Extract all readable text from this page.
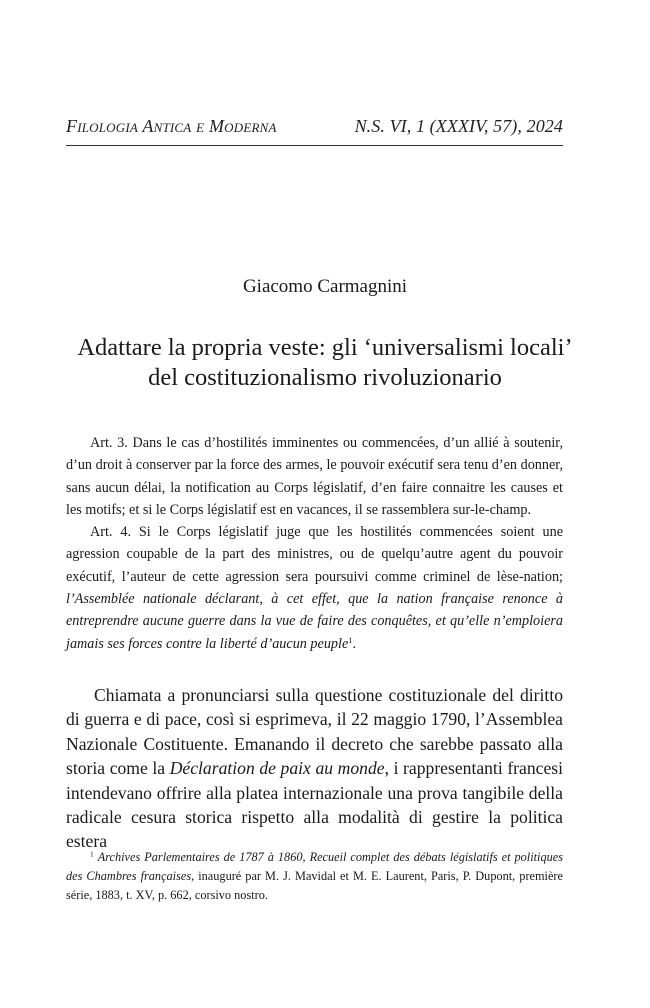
Filologia Antica e Moderna	N.S. VI, 1 (XXXIV, 57), 2024
Giacomo Carmagnini
Adattare la propria veste: gli ‘universalismi locali’
del costituzionalismo rivoluzionario

Art. 3. Dans le cas d’hostilités imminentes ou commencées, d’un allié à soutenir, d’un droit à conserver par la force des armes, le pouvoir exécutif sera tenu d’en donner, sans aucun délai, la notification au Corps législatif, d’en faire connaitre les causes et les motifs; et si le Corps législatif est en vacances, il se rassemblera sur-le-champ.

Art. 4. Si le Corps législatif juge que les hostilités commencées soient une agression coupable de la part des ministres, ou de quelqu’autre agent du pouvoir exécutif, l’auteur de cette agression sera poursuivi comme criminel de lèse-nation; l’Assemblée nationale déclarant, à cet effet, que la nation française renonce à entreprendre aucune guerre dans la vue de faire des conquêtes, et qu’elle n’emploiera jamais ses forces contre la liberté d’aucun peuple$^1$.

Chiamata a pronunciarsi sulla questione costituzionale del diritto di guerra e di pace, così si esprimeva, il 22 maggio 1790, l’Assemblea Nazionale Costituente. Emanando il decreto che sarebbe passato alla storia come la Déclaration de paix au monde, i rappresentanti francesi intendevano offrire alla platea internazionale una prova tangibile della radicale cesura storica rispetto alla modalità di gestire la politica estera

$^1$ Archives Parlementaires de 1787 à 1860, Recueil complet des débats législatifs et politiques des Chambres françaises, inauguré par M. J. Mavidal et M. E. Laurent, Paris, P. Dupont, première série, 1883, t. XV, p. 662, corsivo nostro.
